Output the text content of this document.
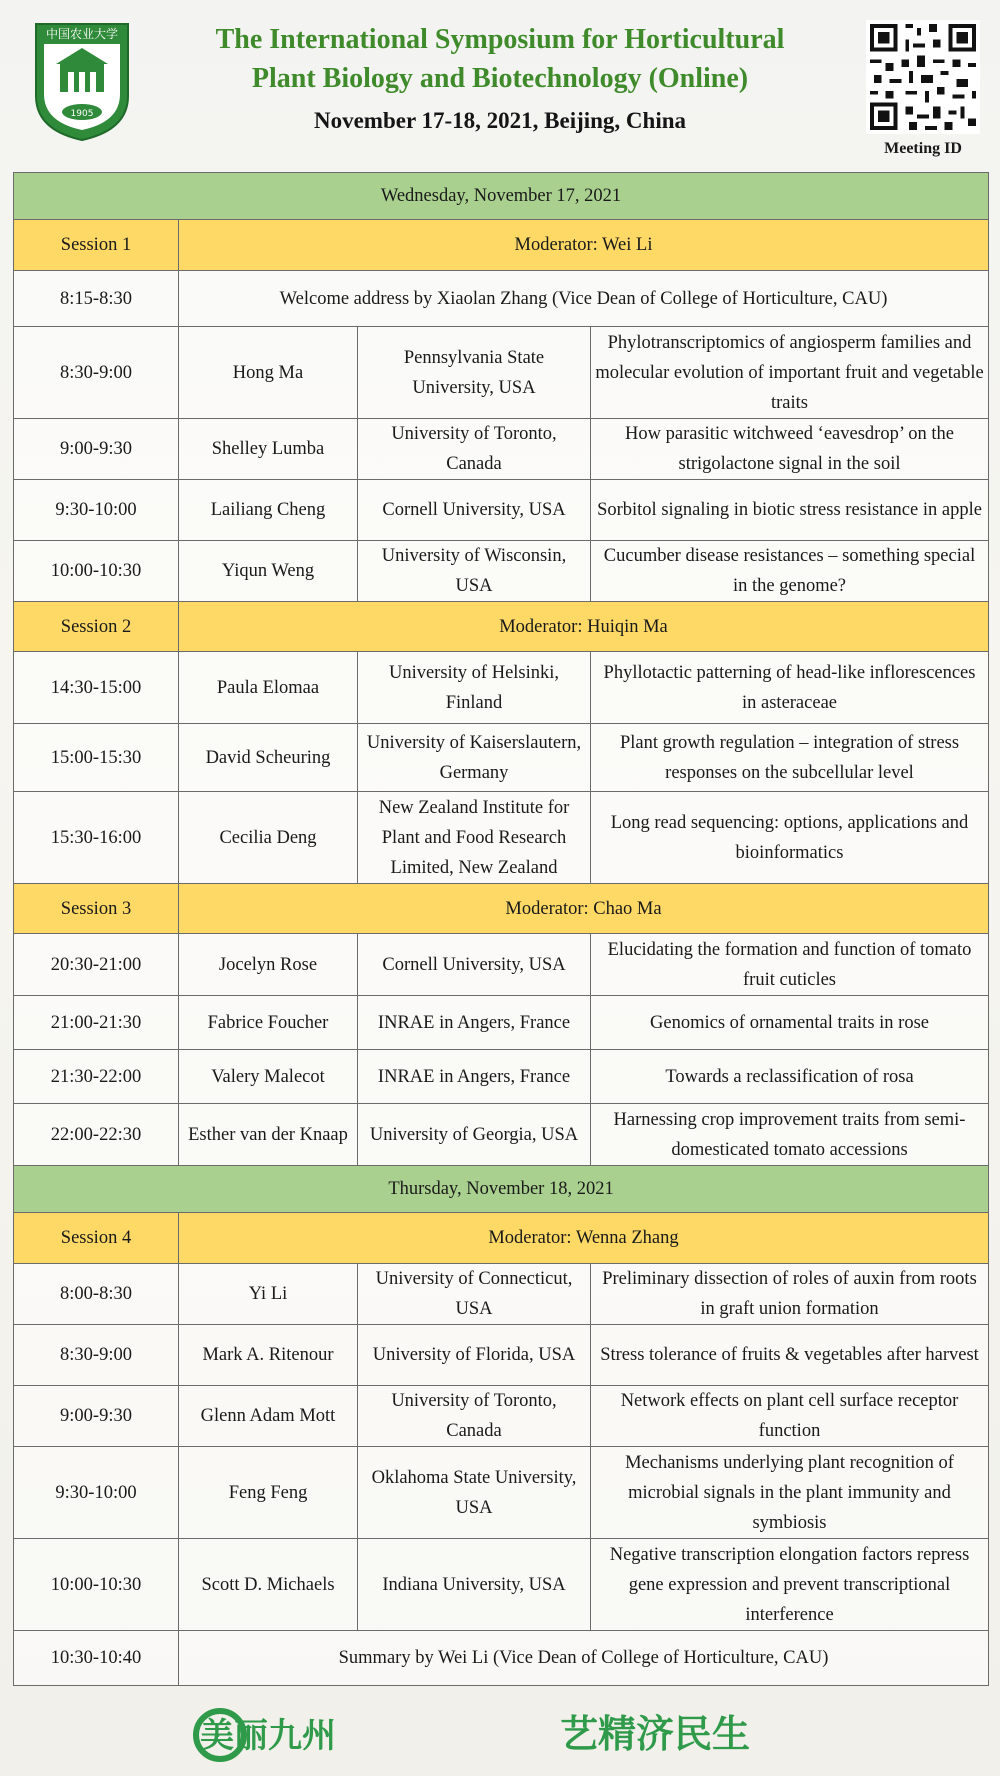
中国农业大学
1905
The International Symposium for Horticultural
Plant Biology and Biotechnology (Online)
November 17-18, 2021, Beijing, China
Meeting ID
Wednesday, November 17, 2021			
Session 1	Moderator: Wei Li		
8:15-8:30	Welcome address by Xiaolan Zhang (Vice Dean of College of Horticulture, CAU)		
8:30-9:00	Hong Ma	Pennsylvania State University, USA	Phylotranscriptomics of angiosperm families and molecular evolution of important fruit and vegetable traits
9:00-9:30	Shelley Lumba	University of Toronto, Canada	How parasitic witchweed ‘eavesdrop’ on the strigolactone signal in the soil
9:30-10:00	Lailiang Cheng	Cornell University, USA	Sorbitol signaling in biotic stress resistance in apple
10:00-10:30	Yiqun Weng	University of Wisconsin, USA	Cucumber disease resistances – something special in the genome?
Session 2	Moderator: Huiqin Ma		
14:30-15:00	Paula Elomaa	University of Helsinki, Finland	Phyllotactic patterning of head-like inflorescences in asteraceae
15:00-15:30	David Scheuring	University of Kaiserslautern, Germany	Plant growth regulation – integration of stress responses on the subcellular level
15:30-16:00	Cecilia Deng	New Zealand Institute for Plant and Food Research Limited, New Zealand	Long read sequencing: options, applications and bioinformatics
Session 3	Moderator: Chao Ma		
20:30-21:00	Jocelyn Rose	Cornell University, USA	Elucidating the formation and function of tomato fruit cuticles
21:00-21:30	Fabrice Foucher	INRAE in Angers, France	Genomics of ornamental traits in rose
21:30-22:00	Valery Malecot	INRAE in Angers, France	Towards a reclassification of rosa
22:00-22:30	Esther van der Knaap	University of Georgia, USA	Harnessing crop improvement traits from semi-domesticated tomato accessions
Thursday, November 18, 2021			
Session 4	Moderator: Wenna Zhang		
8:00-8:30	Yi Li	University of Connecticut, USA	Preliminary dissection of roles of auxin from roots in graft union formation
8:30-9:00	Mark A. Ritenour	University of Florida, USA	Stress tolerance of fruits & vegetables after harvest
9:00-9:30	Glenn Adam Mott	University of Toronto, Canada	Network effects on plant cell surface receptor function
9:30-10:00	Feng Feng	Oklahoma State University, USA	Mechanisms underlying plant recognition of microbial signals in the plant immunity and symbiosis
10:00-10:30	Scott D. Michaels	Indiana University, USA	Negative transcription elongation factors repress gene expression and prevent transcriptional interference
10:30-10:40	Summary by Wei Li (Vice Dean of College of Horticulture, CAU)		
美丽九州	艺精济民生
